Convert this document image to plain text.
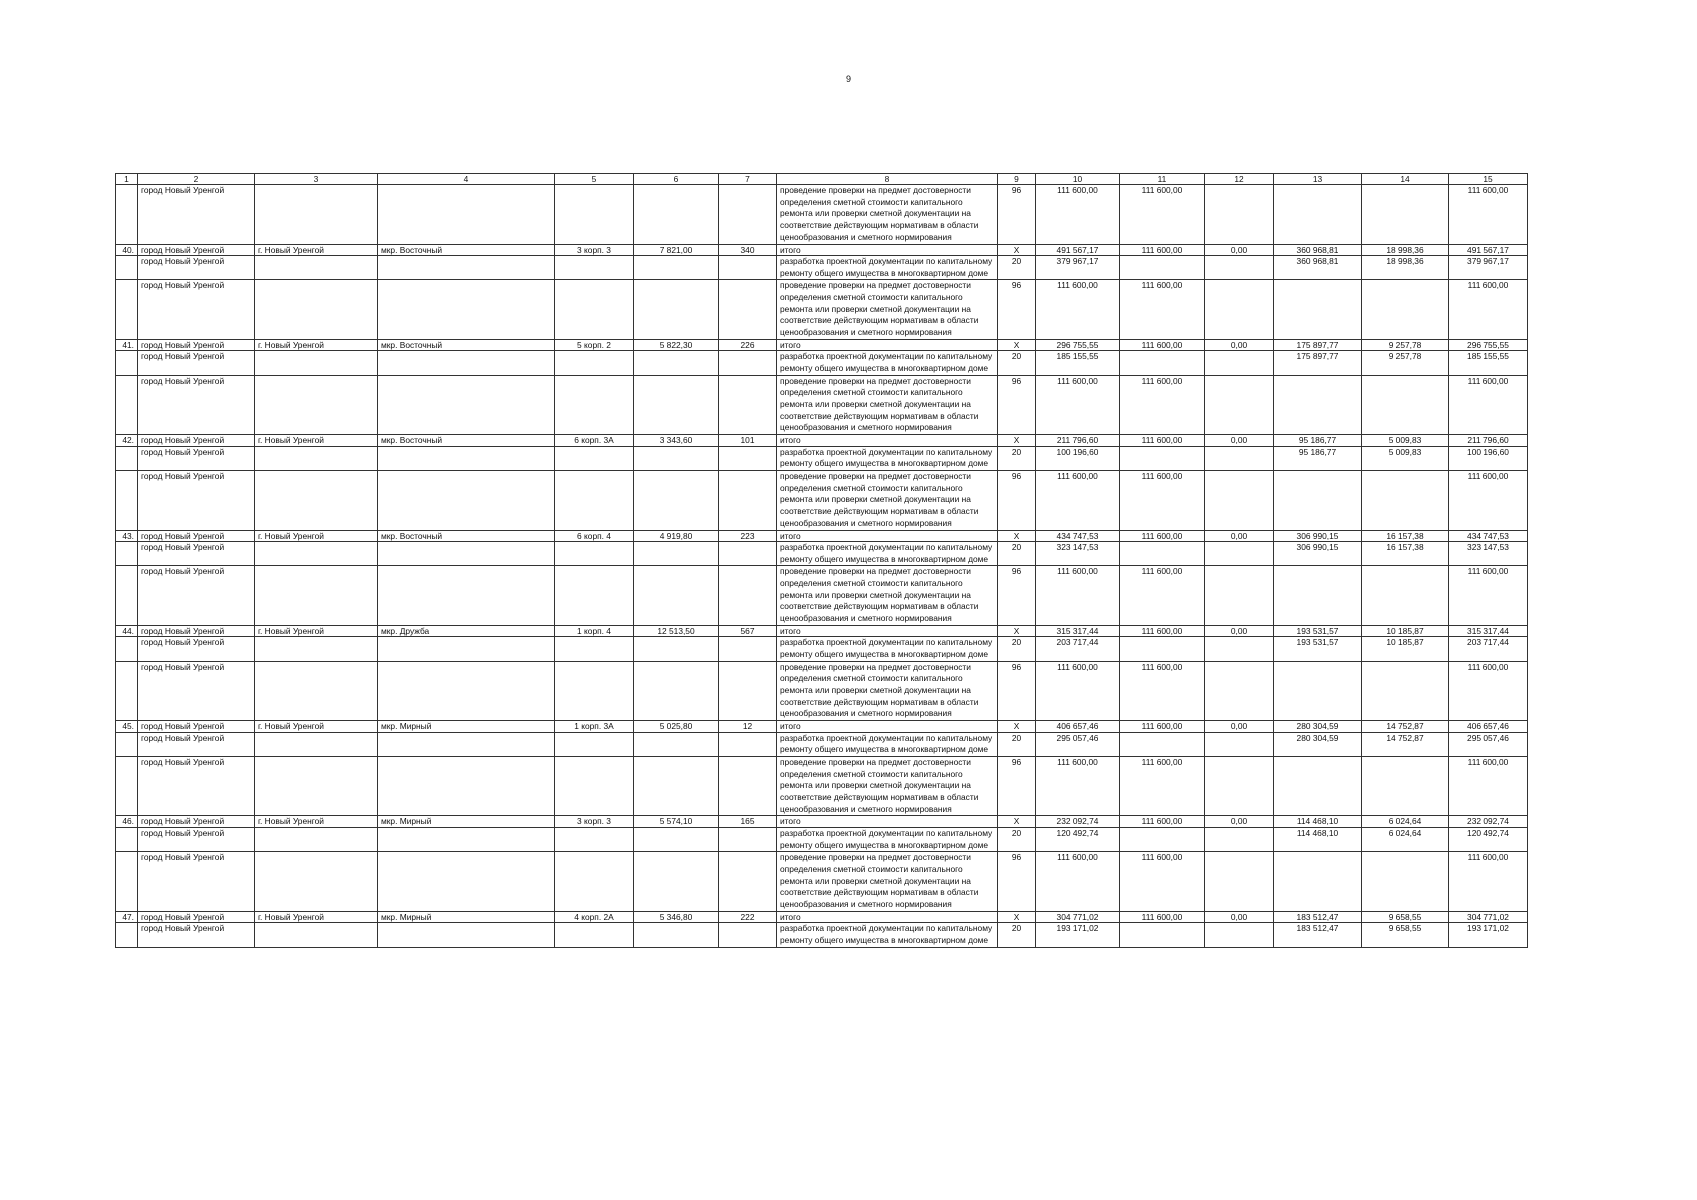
9
1	2	3	4	5	6	7	8	9	10	11	12	13	14	15
	город Новый Уренгой						проведение проверки на предмет достоверности определения сметной стоимости капитального ремонта или проверки сметной документации на соответствие действующим нормативам в области ценообразования и сметного нормирования	96	111 600,00	111 600,00				111 600,00
40.	город Новый Уренгой	г. Новый Уренгой	мкр. Восточный	3 корп. 3	7 821,00	340	итого	X	491 567,17	111 600,00	0,00	360 968,81	18 998,36	491 567,17
	город Новый Уренгой						разработка проектной документации по капитальному ремонту общего имущества в многоквартирном доме	20	379 967,17			360 968,81	18 998,36	379 967,17
	город Новый Уренгой						проведение проверки на предмет достоверности определения сметной стоимости капитального ремонта или проверки сметной документации на соответствие действующим нормативам в области ценообразования и сметного нормирования	96	111 600,00	111 600,00				111 600,00
41.	город Новый Уренгой	г. Новый Уренгой	мкр. Восточный	5 корп. 2	5 822,30	226	итого	X	296 755,55	111 600,00	0,00	175 897,77	9 257,78	296 755,55
	город Новый Уренгой						разработка проектной документации по капитальному ремонту общего имущества в многоквартирном доме	20	185 155,55			175 897,77	9 257,78	185 155,55
	город Новый Уренгой						проведение проверки на предмет достоверности определения сметной стоимости капитального ремонта или проверки сметной документации на соответствие действующим нормативам в области ценообразования и сметного нормирования	96	111 600,00	111 600,00				111 600,00
42.	город Новый Уренгой	г. Новый Уренгой	мкр. Восточный	6 корп. 3А	3 343,60	101	итого	X	211 796,60	111 600,00	0,00	95 186,77	5 009,83	211 796,60
	город Новый Уренгой						разработка проектной документации по капитальному ремонту общего имущества в многоквартирном доме	20	100 196,60			95 186,77	5 009,83	100 196,60
	город Новый Уренгой						проведение проверки на предмет достоверности определения сметной стоимости капитального ремонта или проверки сметной документации на соответствие действующим нормативам в области ценообразования и сметного нормирования	96	111 600,00	111 600,00				111 600,00
43.	город Новый Уренгой	г. Новый Уренгой	мкр. Восточный	6 корп. 4	4 919,80	223	итого	X	434 747,53	111 600,00	0,00	306 990,15	16 157,38	434 747,53
	город Новый Уренгой						разработка проектной документации по капитальному ремонту общего имущества в многоквартирном доме	20	323 147,53			306 990,15	16 157,38	323 147,53
	город Новый Уренгой						проведение проверки на предмет достоверности определения сметной стоимости капитального ремонта или проверки сметной документации на соответствие действующим нормативам в области ценообразования и сметного нормирования	96	111 600,00	111 600,00				111 600,00
44.	город Новый Уренгой	г. Новый Уренгой	мкр. Дружба	1 корп. 4	12 513,50	567	итого	X	315 317,44	111 600,00	0,00	193 531,57	10 185,87	315 317,44
	город Новый Уренгой						разработка проектной документации по капитальному ремонту общего имущества в многоквартирном доме	20	203 717,44			193 531,57	10 185,87	203 717,44
	город Новый Уренгой						проведение проверки на предмет достоверности определения сметной стоимости капитального ремонта или проверки сметной документации на соответствие действующим нормативам в области ценообразования и сметного нормирования	96	111 600,00	111 600,00				111 600,00
45.	город Новый Уренгой	г. Новый Уренгой	мкр. Мирный	1 корп. 3А	5 025,80	12	итого	X	406 657,46	111 600,00	0,00	280 304,59	14 752,87	406 657,46
	город Новый Уренгой						разработка проектной документации по капитальному ремонту общего имущества в многоквартирном доме	20	295 057,46			280 304,59	14 752,87	295 057,46
	город Новый Уренгой						проведение проверки на предмет достоверности определения сметной стоимости капитального ремонта или проверки сметной документации на соответствие действующим нормативам в области ценообразования и сметного нормирования	96	111 600,00	111 600,00				111 600,00
46.	город Новый Уренгой	г. Новый Уренгой	мкр. Мирный	3 корп. 3	5 574,10	165	итого	X	232 092,74	111 600,00	0,00	114 468,10	6 024,64	232 092,74
	город Новый Уренгой						разработка проектной документации по капитальному ремонту общего имущества в многоквартирном доме	20	120 492,74			114 468,10	6 024,64	120 492,74
	город Новый Уренгой						проведение проверки на предмет достоверности определения сметной стоимости капитального ремонта или проверки сметной документации на соответствие действующим нормативам в области ценообразования и сметного нормирования	96	111 600,00	111 600,00				111 600,00
47.	город Новый Уренгой	г. Новый Уренгой	мкр. Мирный	4 корп. 2А	5 346,80	222	итого	X	304 771,02	111 600,00	0,00	183 512,47	9 658,55	304 771,02
	город Новый Уренгой						разработка проектной документации по капитальному ремонту общего имущества в многоквартирном доме	20	193 171,02			183 512,47	9 658,55	193 171,02
